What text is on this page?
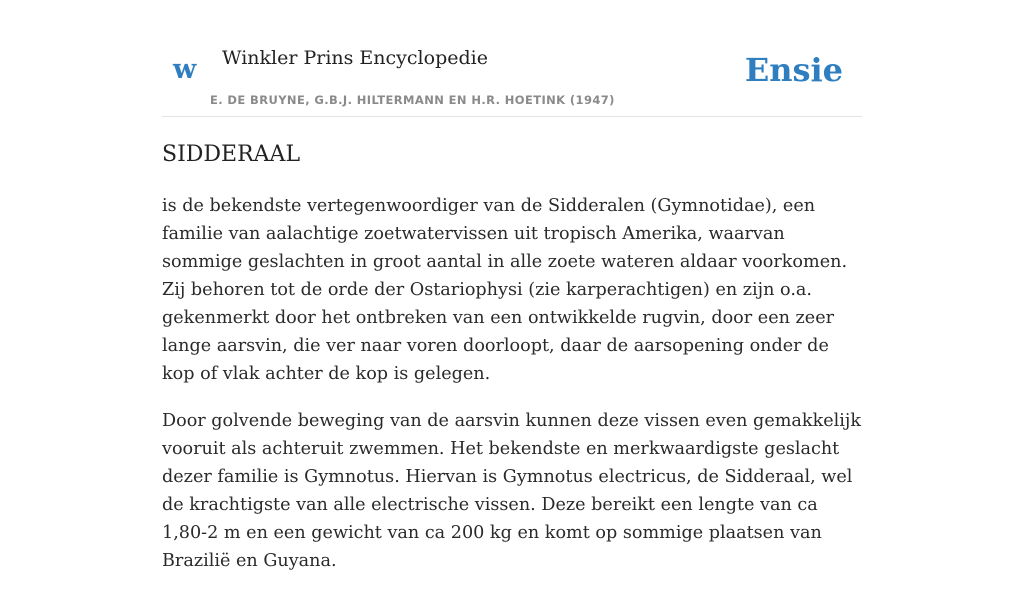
w Winkler Prins Encyclopedie
E. DE BRUYNE, G.B.J. HILTERMANN EN H.R. HOETINK (1947)
Ensie
SIDDERAAL

is de bekendste vertegenwoordiger van de Sidderalen (Gymnotidae), een familie van aalachtige zoetwatervissen uit tropisch Amerika, waarvan sommige geslachten in groot aantal in alle zoete wateren aldaar voorkomen. Zij behoren tot de orde der Ostariophysi (zie karperachtigen) en zijn o.a. gekenmerkt door het ontbreken van een ontwikkelde rugvin, door een zeer lange aarsvin, die ver naar voren doorloopt, daar de aarsopening onder de kop of vlak achter de kop is gelegen.

Door golvende beweging van de aarsvin kunnen deze vissen even gemakkelijk vooruit als achteruit zwemmen. Het bekendste en merkwaardigste geslacht dezer familie is Gymnotus. Hiervan is Gymnotus electricus, de Sidderaal, wel de krachtigste van alle electrische vissen. Deze bereikt een lengte van ca 1,80-2 m en een gewicht van ca 200 kg en komt op sommige plaatsen van Brazilië en Guyana.
